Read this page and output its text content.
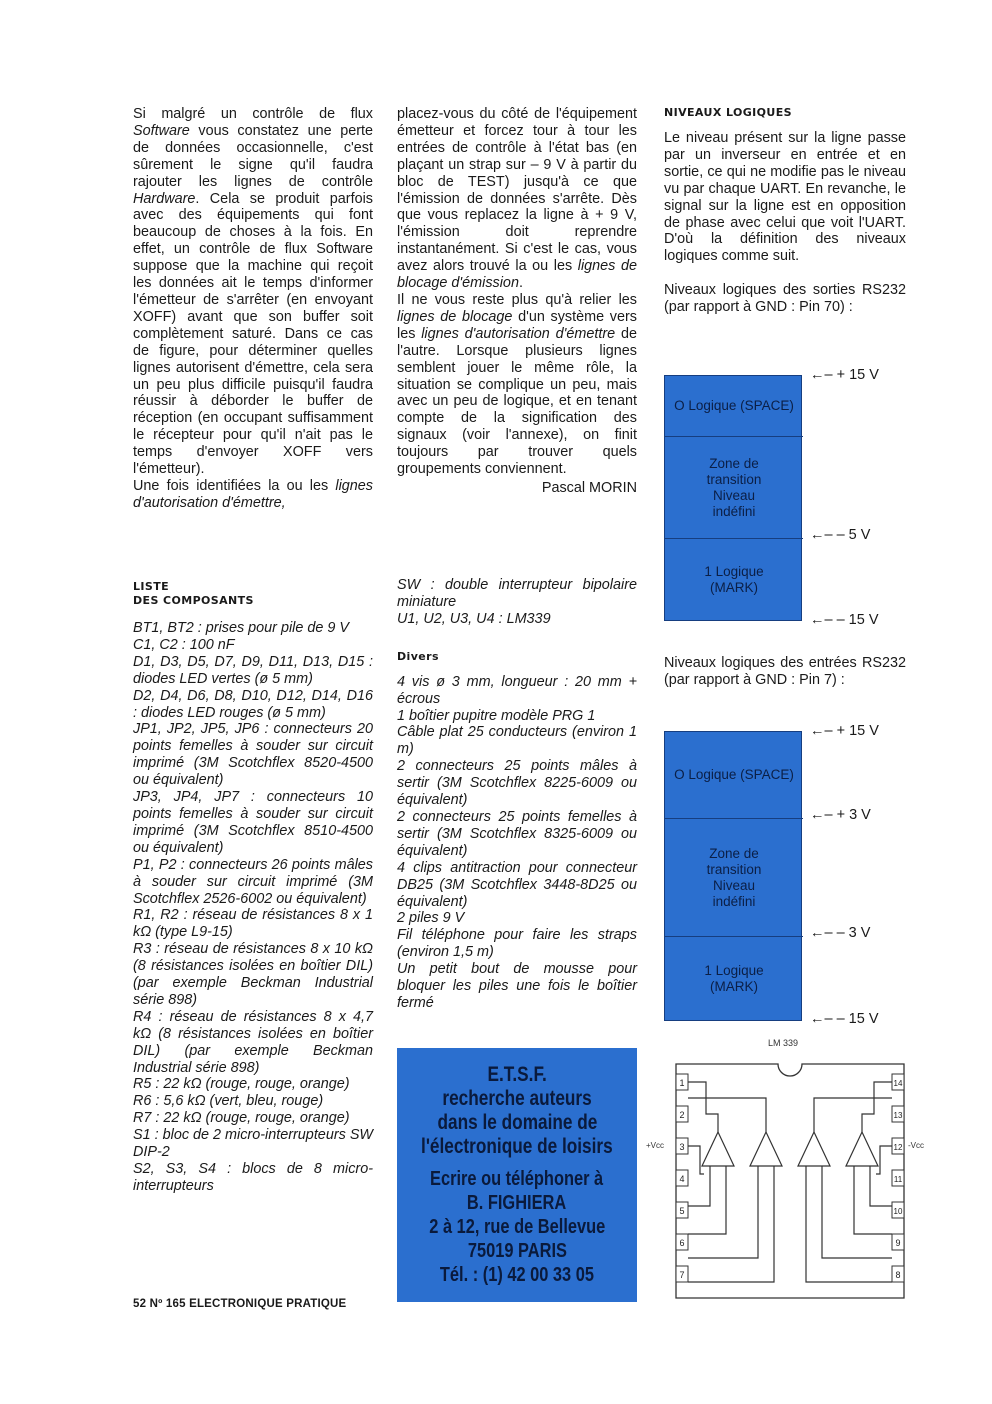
Si malgré un contrôle de flux Software vous constatez une perte de données occasionnelle, c'est sûrement le signe qu'il faudra rajouter les lignes de contrôle Hardware. Cela se produit parfois avec des équipements qui font beaucoup de choses à la fois. En effet, un contrôle de flux Software suppose que la machine qui reçoit les données ait le temps d'informer l'émetteur de s'arrêter (en envoyant XOFF) avant que son buffer soit complètement saturé. Dans ce cas de figure, pour déterminer quelles lignes autorisent d'émettre, cela sera un peu plus difficile puisqu'il faudra réussir à déborder le buffer de réception (en occupant suffisamment le récepteur pour qu'il n'ait pas le temps d'envoyer XOFF vers l'émetteur).

Une fois identifiées la ou les lignes d'autorisation d'émettre,

placez-vous du côté de l'équipement émetteur et forcez tour à tour les entrées de contrôle à l'état bas (en plaçant un strap sur – 9 V à partir du bloc de TEST) jusqu'à ce que l'émission de données s'arrête. Dès que vous replacez la ligne à + 9 V, l'émission doit reprendre instantanément. Si c'est le cas, vous avez alors trouvé la ou les lignes de blocage d'émission.

Il ne vous reste plus qu'à relier les lignes de blocage d'un système vers les lignes d'autorisation d'émettre de l'autre. Lorsque plusieurs lignes semblent jouer le même rôle, la situation se complique un peu, mais avec un peu de logique, et en tenant compte de la signification des signaux (voir l'annexe), on finit toujours par trouver quels groupements conviennent.

Pascal MORIN

NIVEAUX LOGIQUES

Le niveau présent sur la ligne passe par un inverseur en entrée et en sortie, ce qui ne modifie pas le niveau vu par chaque UART. En revanche, le signal sur la ligne est en opposition de phase avec celui que voit l'UART. D'où la définition des niveaux logiques comme suit.

Niveaux logiques des sorties RS232 (par rapport à GND : Pin 70) :

O Logique (SPACE)
Zone de transition Niveau indéfini
1 Logique (MARK)
←– + 15 V
←– – 5 V
←– – 15 V

Niveaux logiques des entrées RS232 (par rapport à GND : Pin 7) :

O Logique (SPACE)
Zone de transition Niveau indéfini
1 Logique (MARK)
←– + 15 V
←– + 3 V
←– – 3 V
←– – 15 V
LM 339
+Vcc	-Vcc
1
2
3
4
5
6
7
14
13
12
11
10
9
8
LISTE
DES COMPOSANTS

BT1, BT2 : prises pour pile de 9 V

C1, C2 : 100 nF

D1, D3, D5, D7, D9, D11, D13, D15 : diodes LED vertes (ø 5 mm)

D2, D4, D6, D8, D10, D12, D14, D16 : diodes LED rouges (ø 5 mm)

JP1, JP2, JP5, JP6 : connecteurs 20 points femelles à souder sur circuit imprimé (3M Scotchflex 8520-4500 ou équivalent)

JP3, JP4, JP7 : connecteurs 10 points femelles à souder sur circuit imprimé (3M Scotchflex 8510-4500 ou équivalent)

P1, P2 : connecteurs 26 points mâles à souder sur circuit imprimé (3M Scotchflex 2526-6002 ou équivalent)

R1, R2 : réseau de résistances 8 x 1 kΩ (type L9-15)

R3 : réseau de résistances 8 x 10 kΩ (8 résistances isolées en boîtier DIL) (par exemple Beckman Industrial série 898)

R4 : réseau de résistances 8 x 4,7 kΩ (8 résistances isolées en boîtier DIL) (par exemple Beckman Industrial série 898)

R5 : 22 kΩ (rouge, rouge, orange)

R6 : 5,6 kΩ (vert, bleu, rouge)

R7 : 22 kΩ (rouge, rouge, orange)

S1 : bloc de 2 micro-interrupteurs SW DIP-2

S2, S3, S4 : blocs de 8 micro-interrupteurs

SW : double interrupteur bipolaire miniature

U1, U2, U3, U4 : LM339

Divers

4 vis ø 3 mm, longueur : 20 mm + écrous

1 boîtier pupitre modèle PRG 1

Câble plat 25 conducteurs (environ 1 m)

2 connecteurs 25 points mâles à sertir (3M Scotchflex 8225-6009 ou équivalent)

2 connecteurs 25 points femelles à sertir (3M Scotchflex 8325-6009 ou équivalent)

4 clips antitraction pour connecteur DB25 (3M Scotchflex 3448-8D25 ou équivalent)

2 piles 9 V

Fil téléphone pour faire les straps (environ 1,5 m)

Un petit bout de mousse pour bloquer les piles une fois le boîtier fermé

E.T.S.F.
recherche auteurs
dans le domaine de
l'électronique de loisirs
Ecrire ou téléphoner à
B. FIGHIERA
2 à 12, rue de Bellevue
75019 PARIS
Tél. : (1) 42 00 33 05
52 Nº 165 ELECTRONIQUE PRATIQUE
